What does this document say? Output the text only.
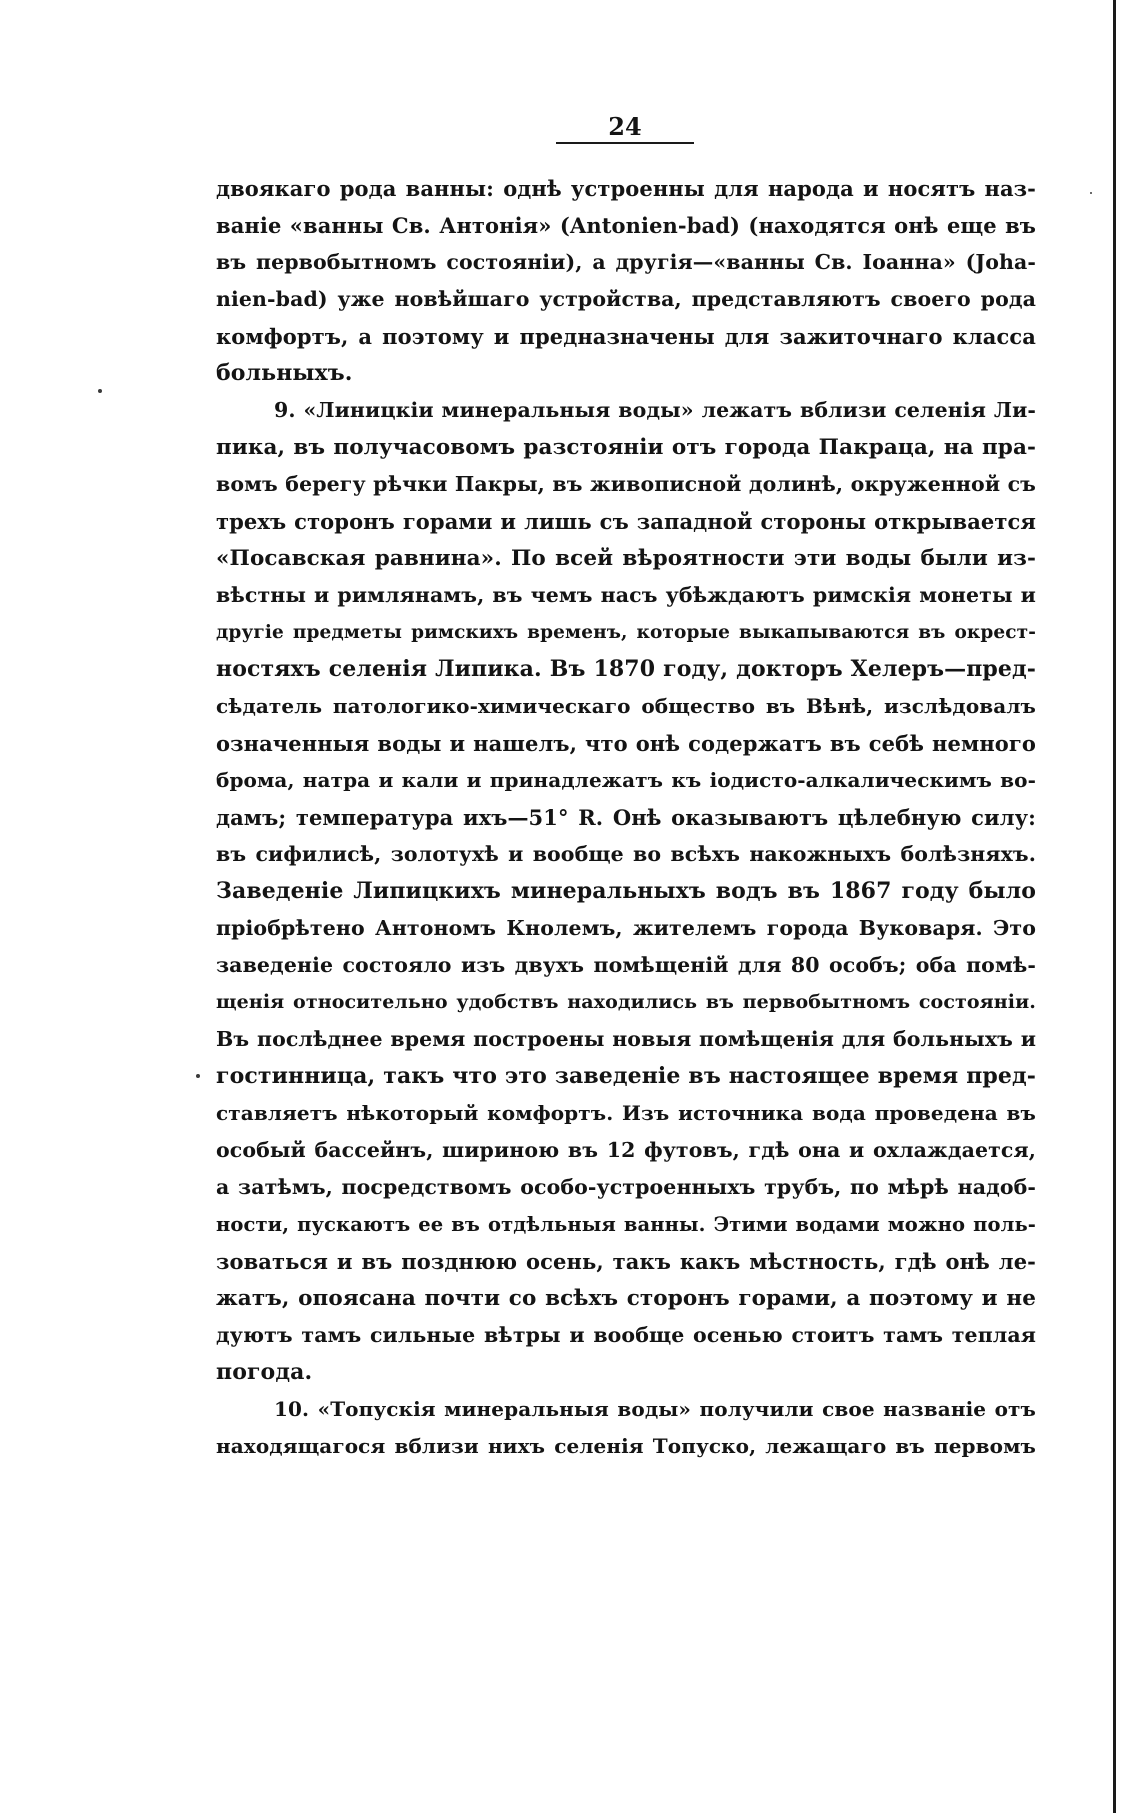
24
двоякаго рода ванны: однѣ устроенны для народа и носятъ наз-
ваніе «ванны Св. Антонія» (Antonien-bad) (находятся онѣ еще въ
въ первобытномъ состояніи), а другія—«ванны Св. Іоанна» (Joha-
nien-bad) уже новѣйшаго устройства, представляютъ своего рода
комфортъ, а поэтому и предназначены для зажиточнаго класса
больныхъ.
9. «Линицкіи минеральныя воды» лежатъ вблизи селенія Ли-
пика, въ получасовомъ разстояніи отъ города Пакраца, на пра-
вомъ берегу рѣчки Пакры, въ живописной долинѣ, окруженной съ
трехъ сторонъ горами и лишь съ западной стороны открывается
«Посавская равнина». По всей вѣроятности эти воды были из-
вѣстны и римлянамъ, въ чемъ насъ убѣждаютъ римскія монеты и
другіе предметы римскихъ временъ, которые выкапываются въ окрест-
ностяхъ селенія Липика. Въ 1870 году, докторъ Хелеръ—пред-
сѣдатель патологико-химическаго общество въ Вѣнѣ, изслѣдовалъ
означенныя воды и нашелъ, что онѣ содержатъ въ себѣ немного
брома, натра и кали и принадлежатъ къ іодисто-алкалическимъ во-
дамъ; температура ихъ—51° R. Онѣ оказываютъ цѣлебную силу:
въ сифилисѣ, золотухѣ и вообще во всѣхъ накожныхъ болѣзняхъ.
Заведеніе Липицкихъ минеральныхъ водъ въ 1867 году было
пріобрѣтено Антономъ Кнолемъ, жителемъ города Вуковаря. Это
заведеніе состояло изъ двухъ помѣщеній для 80 особъ; оба помѣ-
щенія относительно удобствъ находились въ первобытномъ состояніи.
Въ послѣднее время построены новыя помѣщенія для больныхъ и
гостинница, такъ что это заведеніе въ настоящее время пред-
ставляетъ нѣкоторый комфортъ. Изъ источника вода проведена въ
особый бассейнъ, шириною въ 12 футовъ, гдѣ она и охлаждается,
а затѣмъ, посредствомъ особо-устроенныхъ трубъ, по мѣрѣ надоб-
ности, пускаютъ ее въ отдѣльныя ванны. Этими водами можно поль-
зоваться и въ позднюю осень, такъ какъ мѣстность, гдѣ онѣ ле-
жатъ, опоясана почти со всѣхъ сторонъ горами, а поэтому и не
дуютъ тамъ сильные вѣтры и вообще осенью стоитъ тамъ теплая
погода.
10. «Топускія минеральныя воды» получили свое названіе отъ
находящагося вблизи нихъ селенія Топуско, лежащаго въ первомъ
